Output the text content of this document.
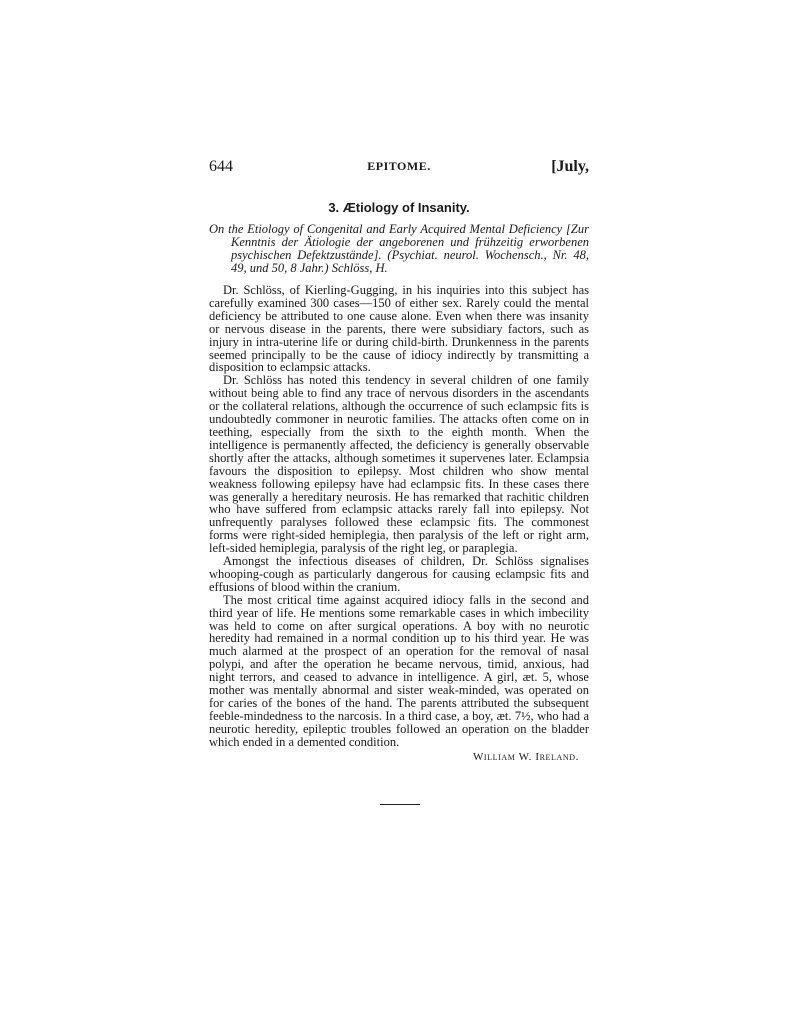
644	EPITOME.	[July,
3. Ætiology of Insanity.
On the Etiology of Congenital and Early Acquired Mental Deficiency [Zur Kenntnis der Ätiologie der angeborenen und frühzeitig erworbenen psychischen Defektzustände]. (Psychiat. neurol. Wochensch., Nr. 48, 49, und 50, 8 Jahr.) Schlöss, H.

Dr. Schlöss, of Kierling-Gugging, in his inquiries into this subject has carefully examined 300 cases—150 of either sex. Rarely could the mental deficiency be attributed to one cause alone. Even when there was insanity or nervous disease in the parents, there were subsidiary factors, such as injury in intra-uterine life or during child-birth. Drunkenness in the parents seemed principally to be the cause of idiocy indirectly by transmitting a disposition to eclampsic attacks.

Dr. Schlöss has noted this tendency in several children of one family without being able to find any trace of nervous disorders in the ascendants or the collateral relations, although the occurrence of such eclampsic fits is undoubtedly commoner in neurotic families. The attacks often come on in teething, especially from the sixth to the eighth month. When the intelligence is permanently affected, the deficiency is generally observable shortly after the attacks, although sometimes it supervenes later. Eclampsia favours the disposition to epilepsy. Most children who show mental weakness following epilepsy have had eclampsic fits. In these cases there was generally a hereditary neurosis. He has remarked that rachitic children who have suffered from eclampsic attacks rarely fall into epilepsy. Not unfrequently paralyses followed these eclampsic fits. The commonest forms were right-sided hemiplegia, then paralysis of the left or right arm, left-sided hemiplegia, paralysis of the right leg, or paraplegia.

Amongst the infectious diseases of children, Dr. Schlöss signalises whooping-cough as particularly dangerous for causing eclampsic fits and effusions of blood within the cranium.

The most critical time against acquired idiocy falls in the second and third year of life. He mentions some remarkable cases in which imbecility was held to come on after surgical operations. A boy with no neurotic heredity had remained in a normal condition up to his third year. He was much alarmed at the prospect of an operation for the removal of nasal polypi, and after the operation he became nervous, timid, anxious, had night terrors, and ceased to advance in intelligence. A girl, æt. 5, whose mother was mentally abnormal and sister weak-minded, was operated on for caries of the bones of the hand. The parents attributed the subsequent feeble-mindedness to the narcosis. In a third case, a boy, æt. 7½, who had a neurotic heredity, epileptic troubles followed an operation on the bladder which ended in a demented condition.

William W. Ireland.
